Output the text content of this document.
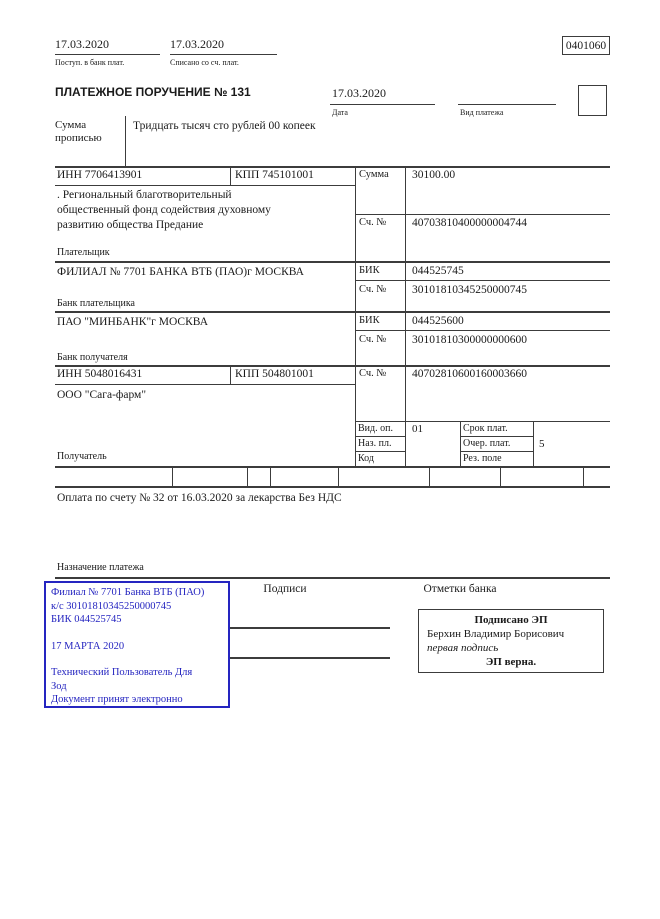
17.03.2020
Поступ. в банк плат.
17.03.2020
Списано со сч. плат.
0401060
ПЛАТЕЖНОЕ ПОРУЧЕНИЕ № 131	17.03.2020
Дата	Вид платежа
Сумма прописью
Тридцать тысяч сто рублей 00 копеек
ИНН 7706413901	КПП 745101001	Сумма 30100.00
. Региональный благотворительный
общественный фонд содействия духовному
развитию общества Предание	Сч. № 40703810400000004744
Плательщик
ФИЛИАЛ № 7701 БАНКА ВТБ (ПАО)г МОСКВА	БИК	044525745
Сч. № 30101810345250000745
Банк плательщика
ПАО "МИНБАНК"г МОСКВА	БИК	044525600
Сч. № 30101810300000000600
Банк получателя
ИНН 5048016431	КПП 504801001	Сч. № 40702810600160003660
ООО "Сага-фарм"
Получатель
Вид. оп. 01	Срок плат.
Наз. пл.	Очер. плат.	5
Код	Рез. поле
Оплата по счету № 32 от 16.03.2020 за лекарства Без НДС
Назначение платежа
Подписи	Отметки банка
Филиал № 7701 Банка ВТБ (ПАО)
к/с 30101810345250000745
БИК 044525745
17 МАРТА 2020
Технический Пользователь Для Зод
Документ принят электронно
Подписано ЭП
Берхин Владимир Борисович
первая подпись
ЭП верна.
